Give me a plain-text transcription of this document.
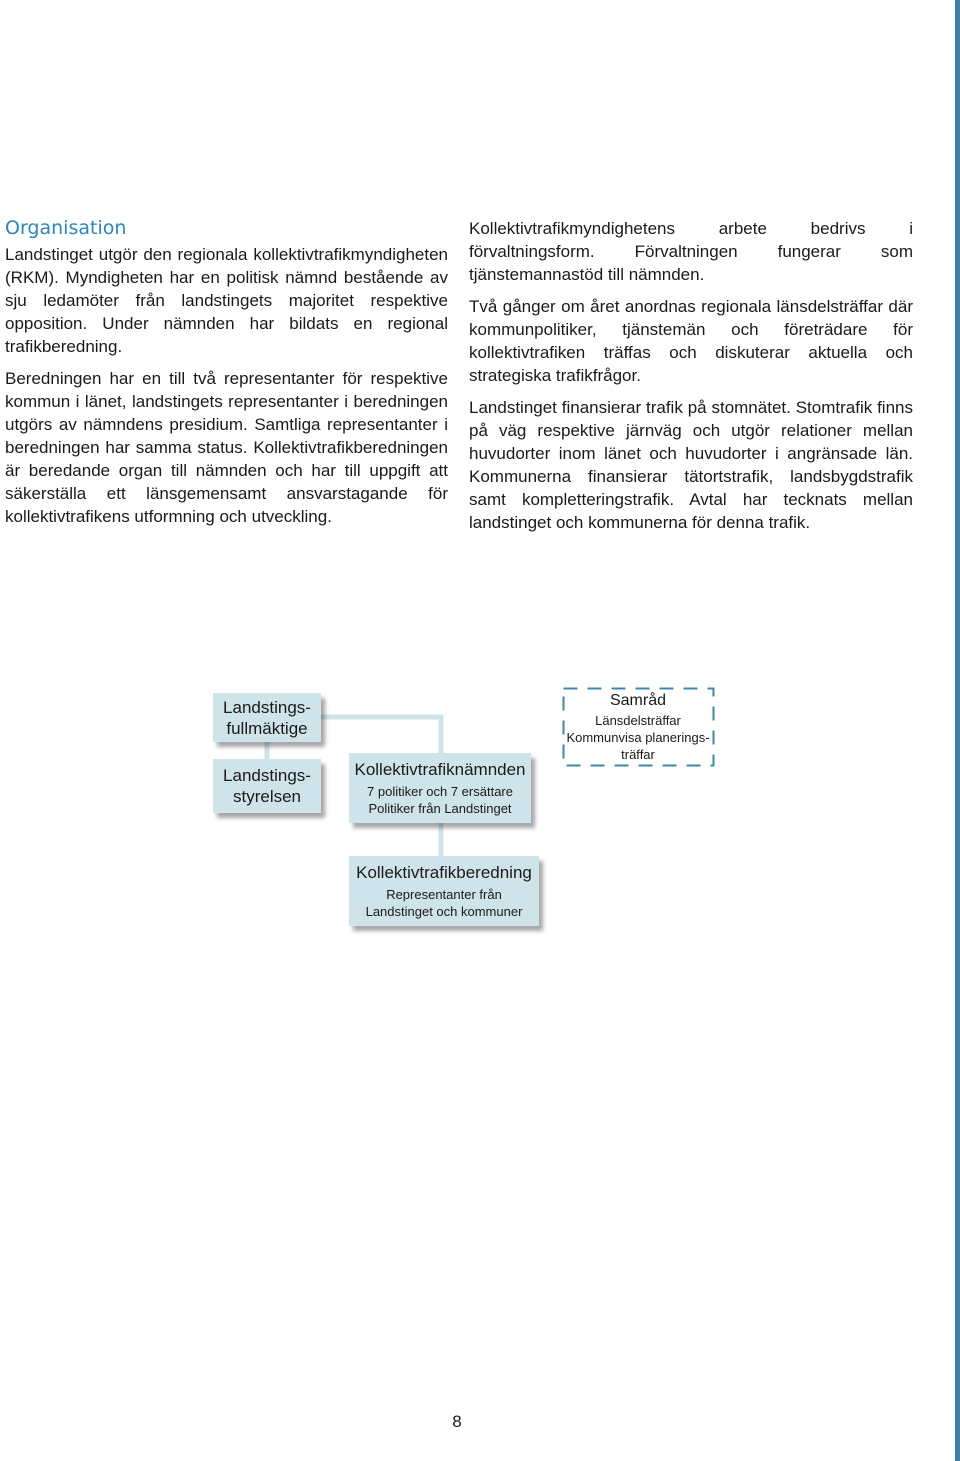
Organisation

Landstinget utgör den regionala kollektivtrafikmyndigheten (RKM). Myndigheten har en politisk nämnd bestående av sju ledamöter från landstingets majoritet respektive opposition. Under nämnden har bildats en regional trafikberedning.

Beredningen har en till två representanter för respektive kommun i länet, landstingets representanter i beredningen utgörs av nämndens presidium. Samtliga representanter i beredningen har samma status. Kollektivtrafikberedningen är beredande organ till nämnden och har till uppgift att säkerställa ett länsgemensamt ansvarstagande för kollektivtrafikens utformning och utveckling.

Kollektivtrafikmyndighetens arbete bedrivs i förvaltningsform. Förvaltningen fungerar som tjänstemannastöd till nämnden.

Två gånger om året anordnas regionala länsdelsträffar där kommunpolitiker, tjänstemän och företrädare för kollektivtrafiken träffas och diskuterar aktuella och strategiska trafikfrågor.

Landstinget finansierar trafik på stomnätet. Stomtrafik finns på väg respektive järnväg och utgör relationer mellan huvudorter inom länet och huvudorter i angränsade län. Kommunerna finansierar tätortstrafik, landsbygdstrafik samt kompletteringstrafik. Avtal har tecknats mellan landstinget och kommunerna för denna trafik.

Landstings-
fullmäktige
Landstings-
styrelsen
Kollektivtrafiknämnden
7 politiker och 7 ersättare
Politiker från Landstinget
Kollektivtrafikberedning
Representanter från
Landstinget och kommuner
Samråd
Länsdelsträffar
Kommunvisa planerings-
träffar
8
